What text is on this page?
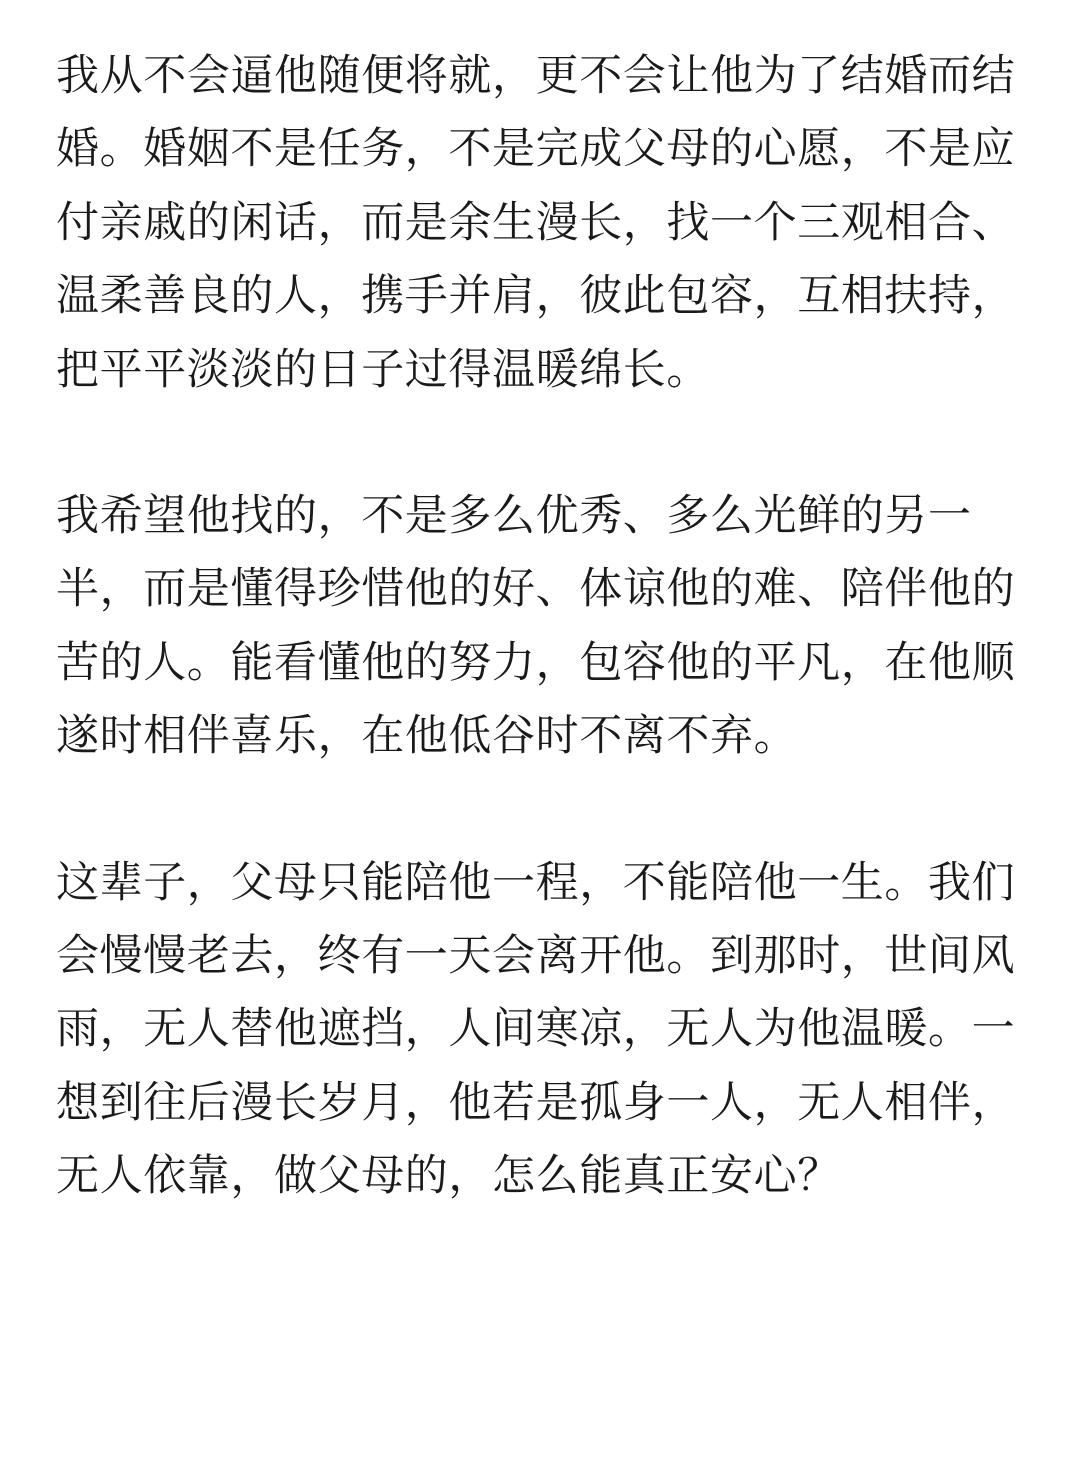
我从不会逼他随便将就，更不会让他为了结婚而结婚。婚姻不是任务，不是完成父母的心愿，不是应付亲戚的闲话，而是余生漫长，找一个三观相合、温柔善良的人，携手并肩，彼此包容，互相扶持，把平平淡淡的日子过得温暖绵长。

我希望他找的，不是多么优秀、多么光鲜的另一半，而是懂得珍惜他的好、体谅他的难、陪伴他的苦的人。能看懂他的努力，包容他的平凡，在他顺遂时相伴喜乐，在他低谷时不离不弃。

这辈子，父母只能陪他一程，不能陪他一生。我们会慢慢老去，终有一天会离开他。到那时，世间风雨，无人替他遮挡，人间寒凉，无人为他温暖。一想到往后漫长岁月，他若是孤身一人，无人相伴，无人依靠，做父母的，怎么能真正安心？
